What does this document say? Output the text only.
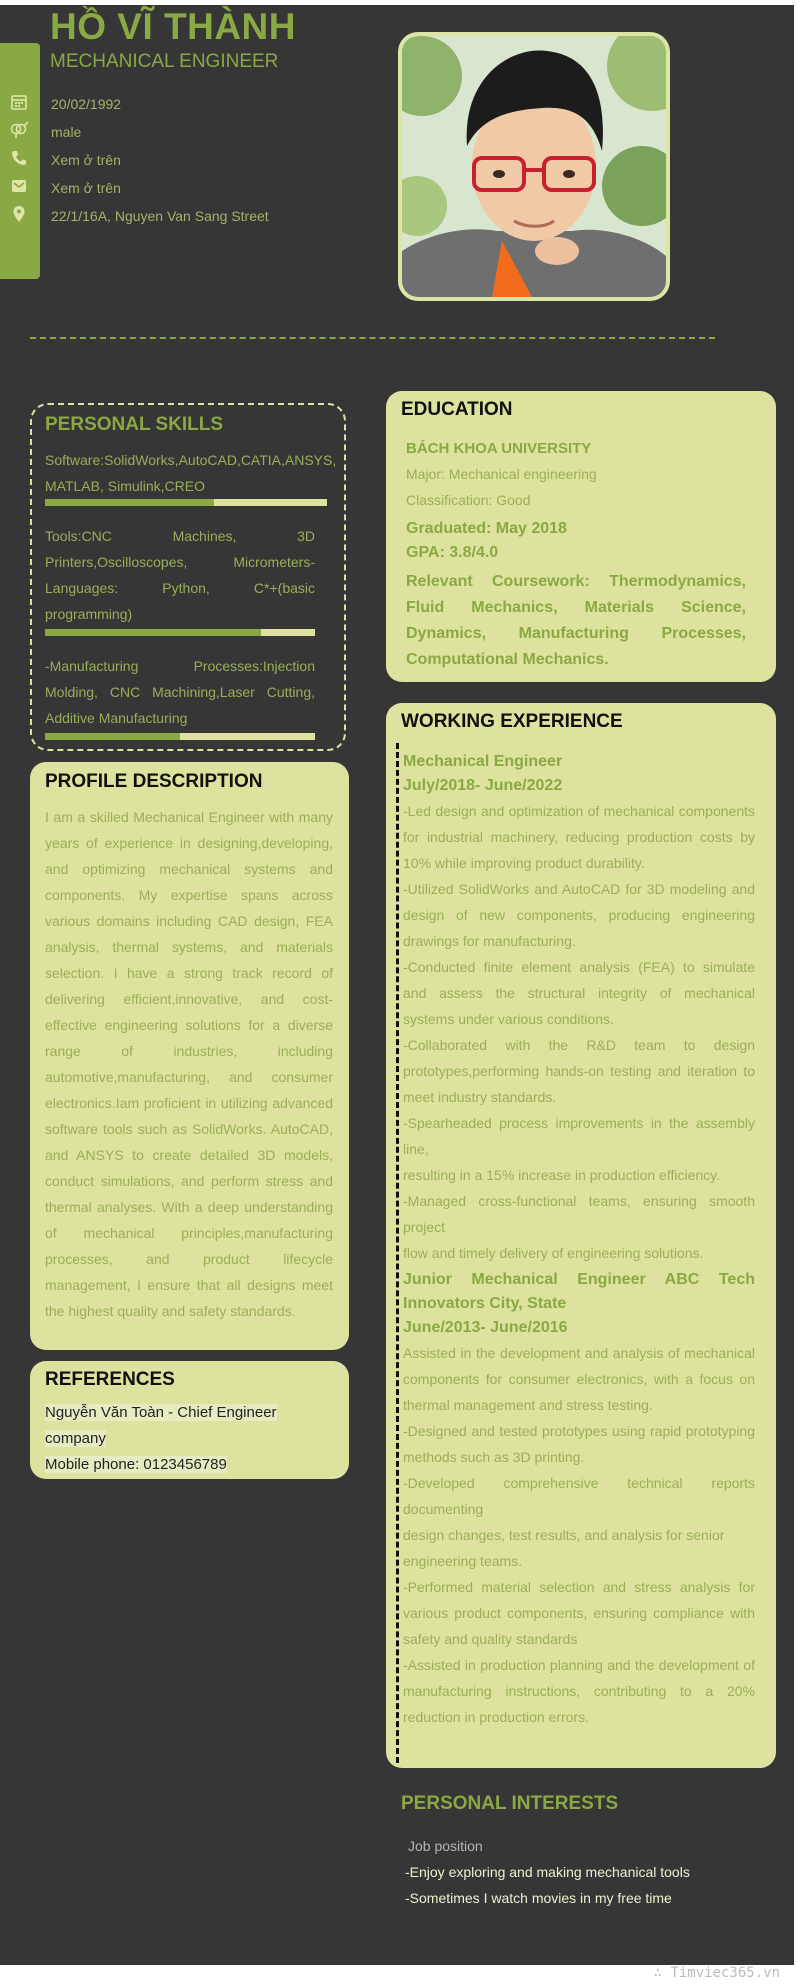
HỒ VĨ THÀNH
MECHANICAL ENGINEER
20/02/1992
male
Xem ở trên
Xem ở trên
22/1/16A, Nguyen Van Sang Street
PERSONAL SKILLS
Software:SolidWorks,AutoCAD,CATIA,ANSYS, MATLAB, Simulink,CREO
Tools:CNC Machines, 3D Printers,Oscilloscopes, Micrometers-Languages: Python, C*+(basic programming)
-Manufacturing Processes:Injection Molding, CNC Machining,Laser Cutting, Additive Manufacturing
PROFILE DESCRIPTION
I am a skilled Mechanical Engineer with many years of experience in designing,developing, and optimizing mechanical systems and components. My expertise spans across various domains including CAD design, FEA analysis, thermal systems, and materials selection. I have a strong track record of delivering efficient,innovative, and cost-effective engineering solutions for a diverse range of industries, including automotive,manufacturing, and consumer electronics.Iam proficient in utilizing advanced software tools such as SolidWorks. AutoCAD, and ANSYS to create detailed 3D models, conduct simulations, and perform stress and thermal analyses. With a deep understanding of mechanical principles,manufacturing processes, and product lifecycle management, I ensure that all designs meet the highest quality and safety standards.
REFERENCES
Nguyễn Văn Toàn - Chief Engineer
company
Mobile phone: 0123456789
EDUCATION
BÁCH KHOA UNIVERSITY
Major: Mechanical engineering
Classification: Good
Graduated: May 2018
GPA: 3.8/4.0
Relevant Coursework: Thermodynamics, Fluid Mechanics, Materials Science, Dynamics, Manufacturing Processes, Computational Mechanics.
WORKING EXPERIENCE
Mechanical Engineer
July/2018- June/2022
-Led design and optimization of mechanical components for industrial machinery, reducing production costs by 10% while improving product durability.
-Utilized SolidWorks and AutoCAD for 3D modeling and design of new components, producing engineering drawings for manufacturing.
-Conducted finite element analysis (FEA) to simulate and assess the structural integrity of mechanical systems under various conditions.
-Collaborated with the R&D team to design prototypes,performing hands-on testing and iteration to meet industry standards.
-Spearheaded process improvements in the assembly line,
resulting in a 15% increase in production efficiency.
-Managed cross-functional teams, ensuring smooth project
flow and timely delivery of engineering solutions.
Junior Mechanical Engineer ABC Tech Innovators City, State
June/2013- June/2016
Assisted in the development and analysis of mechanical components for consumer electronics, with a focus on thermal management and stress testing.
-Designed and tested prototypes using rapid prototyping methods such as 3D printing.
-Developed comprehensive technical reports documenting
design changes, test results, and analysis for senior engineering teams.
-Performed material selection and stress analysis for various product components, ensuring compliance with safety and quality standards
-Assisted in production planning and the development of manufacturing instructions, contributing to a 20% reduction in production errors.
PERSONAL INTERESTS
Job position
-Enjoy exploring and making mechanical tools
-Sometimes I watch movies in my free time
∴ Timviec365.vn
